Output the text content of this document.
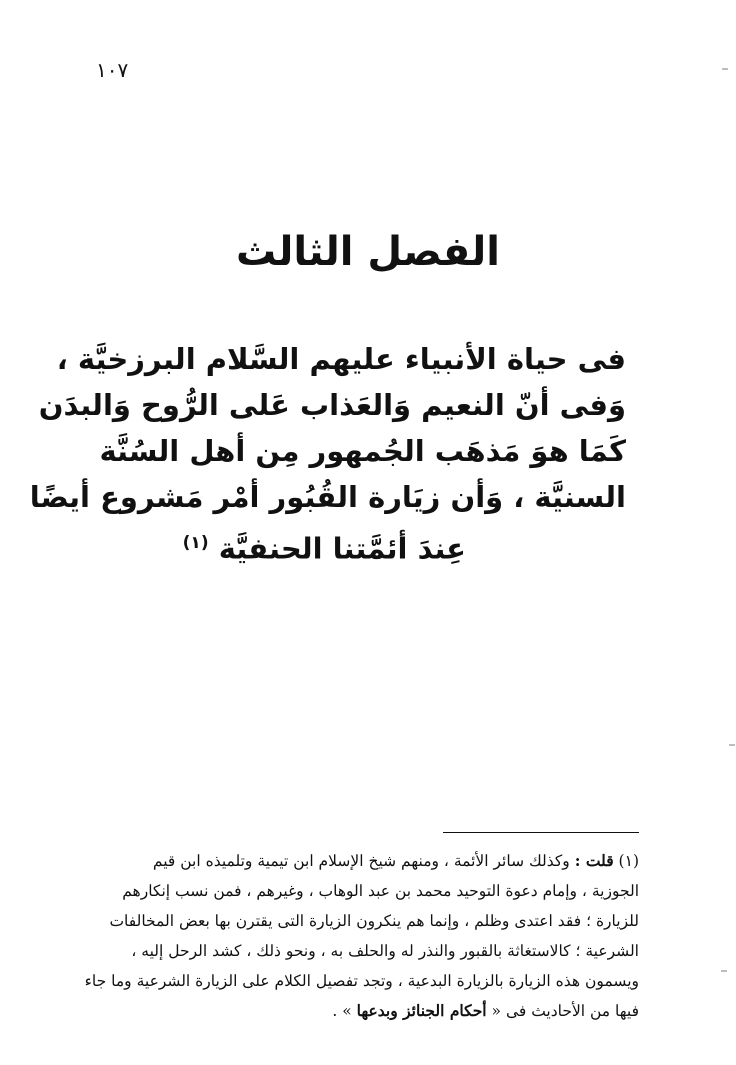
١٠٧
الفصل الثالث
فى حياة الأنبياء عليهم السَّلام البرزخيَّة ،
وَفى أنّ النعيم وَالعَذاب عَلى الرُّوح وَالبدَن
كَمَا هوَ مَذهَب الجُمهور مِن أهل السُنَّة
السنيَّة ، وَأن زيَارة القُبُور أمْر مَشروع أيضًا
عِندَ أئمَّتنا الحنفيَّة $^{(١)}$
(١) قلت : وكذلك سائر الأئمة ، ومنهم شيخ الإسلام ابن تيمية وتلميذه ابن قيم
الجوزية ، وإمام دعوة التوحيد محمد بن عبد الوهاب ، وغيرهم ، فمن نسب إنكارهم
للزيارة ؛ فقد اعتدى وظلم ، وإنما هم ينكرون الزيارة التى يقترن بها بعض المخالفات
الشرعية ؛ كالاستغاثة بالقبور والنذر له والحلف به ، ونحو ذلك ، كشد الرحل إليه ،
ويسمون هذه الزيارة بالزيارة البدعية ، وتجد تفصيل الكلام على الزيارة الشرعية وما جاء
فيها من الأحاديث فى « أحكام الجنائز وبدعها » .
